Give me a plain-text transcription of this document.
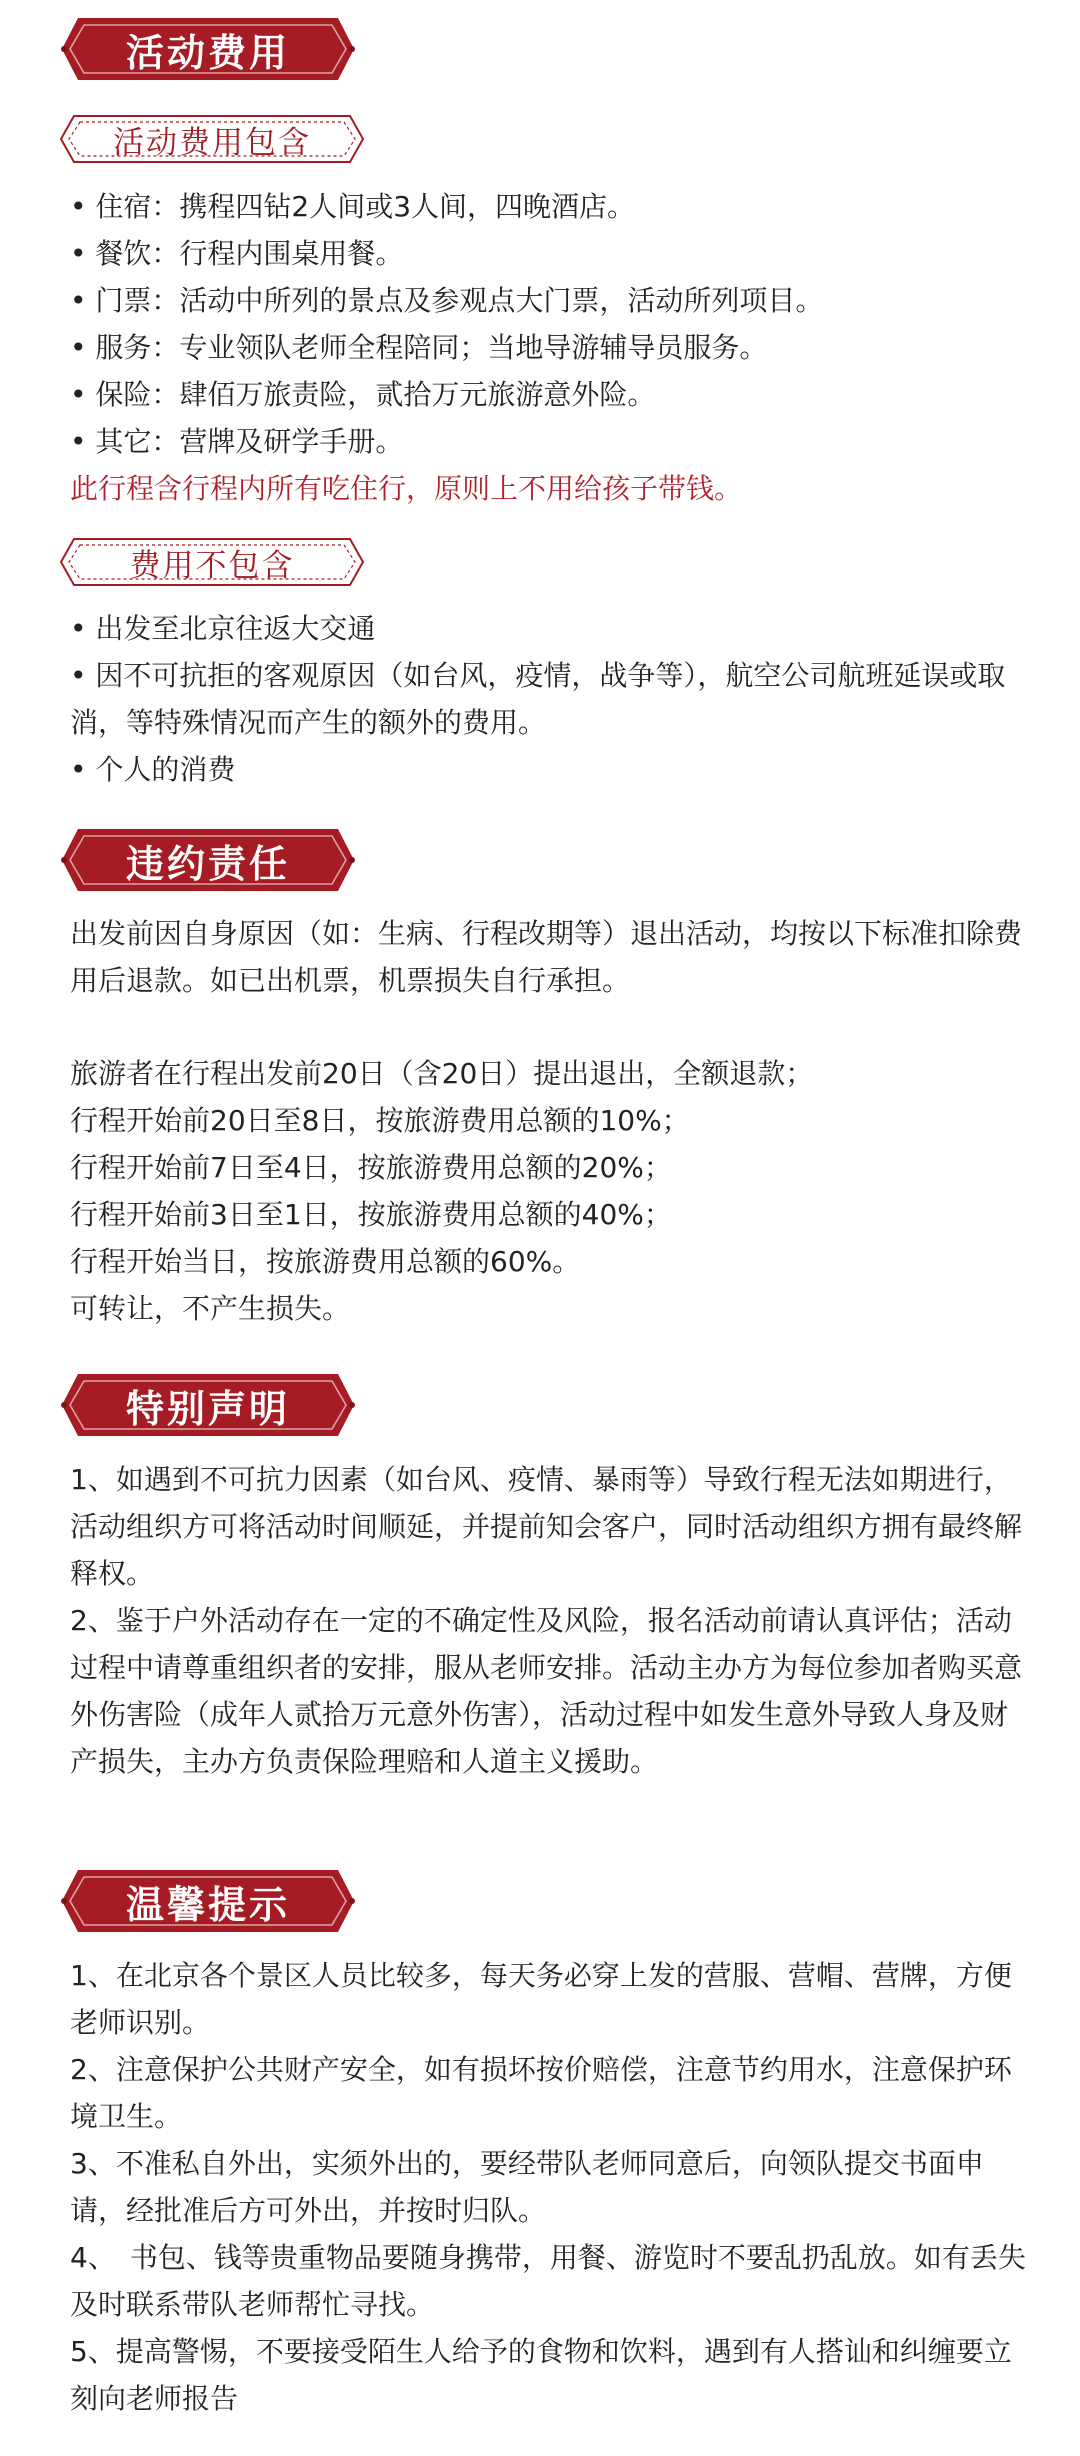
活动费用
活动费用包含
• 住宿：携程四钻2人间或3人间，四晚酒店。
• 餐饮：行程内围桌用餐。
• 门票：活动中所列的景点及参观点大门票，活动所列项目。
• 服务：专业领队老师全程陪同；当地导游辅导员服务。
• 保险：肆佰万旅责险，贰拾万元旅游意外险。
• 其它：营牌及研学手册。
此行程含行程内所有吃住行，原则上不用给孩子带钱。
费用不包含
• 出发至北京往返大交通
• 因不可抗拒的客观原因（如台风，疫情，战争等），航空公司航班延误或取消，等特殊情况而产生的额外的费用。
• 个人的消费
违约责任
出发前因自身原因（如：生病、行程改期等）退出活动，均按以下标准扣除费用后退款。如已出机票，机票损失自行承担。
旅游者在行程出发前20日（含20日）提出退出，全额退款；
行程开始前20日至8日，按旅游费用总额的10%；
行程开始前7日至4日，按旅游费用总额的20%；
行程开始前3日至1日，按旅游费用总额的40%；
行程开始当日，按旅游费用总额的60%。
可转让，不产生损失。
特别声明
1、如遇到不可抗力因素（如台风、疫情、暴雨等）导致行程无法如期进行，活动组织方可将活动时间顺延，并提前知会客户，同时活动组织方拥有最终解释权。
2、鉴于户外活动存在一定的不确定性及风险，报名活动前请认真评估；活动过程中请尊重组织者的安排，服从老师安排。活动主办方为每位参加者购买意外伤害险（成年人贰拾万元意外伤害），活动过程中如发生意外导致人身及财产损失，主办方负责保险理赔和人道主义援助。
温馨提示
1、在北京各个景区人员比较多，每天务必穿上发的营服、营帽、营牌，方便老师识别。
2、注意保护公共财产安全，如有损坏按价赔偿，注意节约用水，注意保护环境卫生。
3、不准私自外出，实须外出的，要经带队老师同意后，向领队提交书面申请，经批准后方可外出，并按时归队。
4、　书包、钱等贵重物品要随身携带，用餐、游览时不要乱扔乱放。如有丢失及时联系带队老师帮忙寻找。
5、提高警惕，不要接受陌生人给予的食物和饮料，遇到有人搭讪和纠缠要立刻向老师报告
